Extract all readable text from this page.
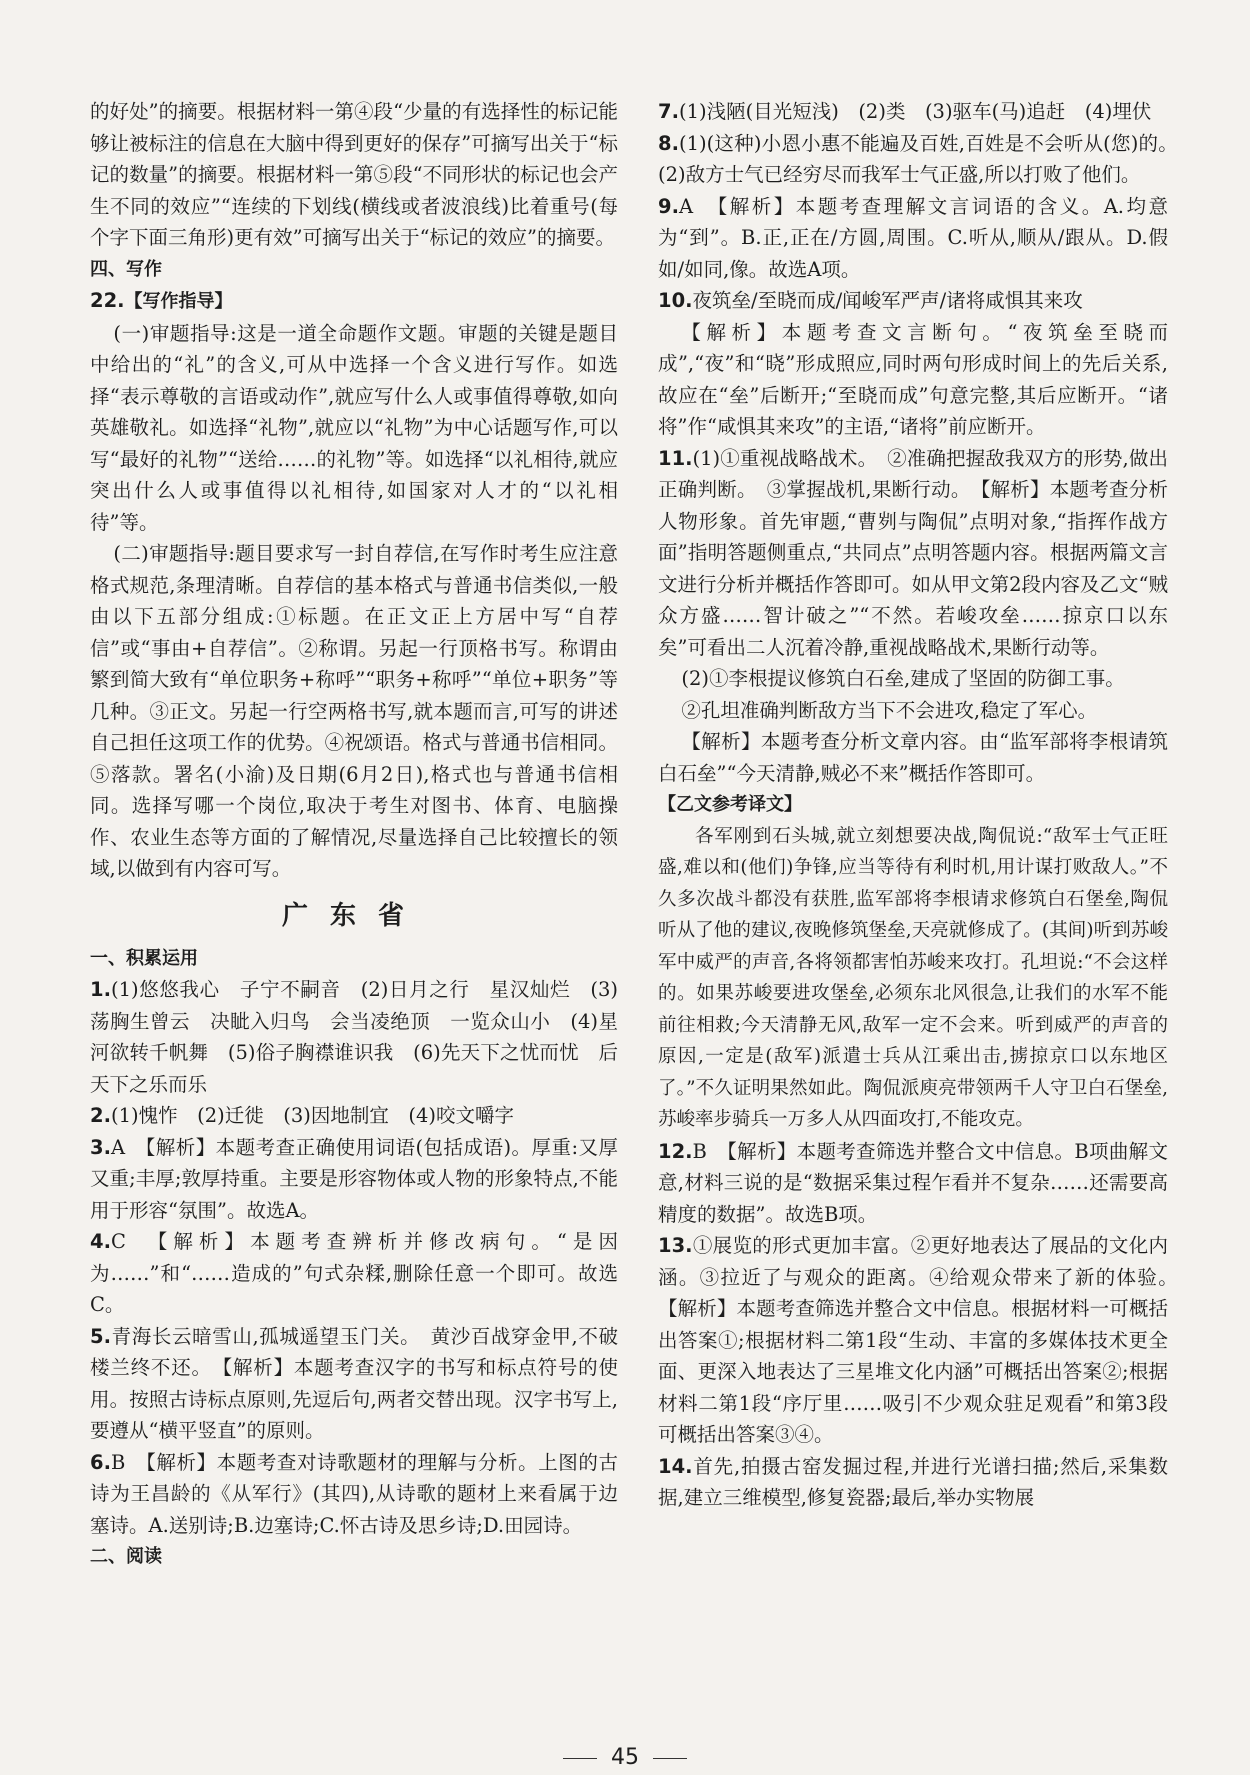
的好处”的摘要。根据材料一第④段“少量的有选择性的标记能够让被标注的信息在大脑中得到更好的保存”可摘写出关于“标记的数量”的摘要。根据材料一第⑤段“不同形状的标记也会产生不同的效应”“连续的下划线(横线或者波浪线)比着重号(每个字下面三角形)更有效”可摘写出关于“标记的效应”的摘要。

四、写作

22.【写作指导】

(一)审题指导:这是一道全命题作文题。审题的关键是题目中给出的“礼”的含义,可从中选择一个含义进行写作。如选择“表示尊敬的言语或动作”,就应写什么人或事值得尊敬,如向英雄敬礼。如选择“礼物”,就应以“礼物”为中心话题写作,可以写“最好的礼物”“送给……的礼物”等。如选择“以礼相待,就应突出什么人或事值得以礼相待,如国家对人才的“以礼相待”等。

(二)审题指导:题目要求写一封自荐信,在写作时考生应注意格式规范,条理清晰。自荐信的基本格式与普通书信类似,一般由以下五部分组成:①标题。在正文正上方居中写“自荐信”或“事由+自荐信”。②称谓。另起一行顶格书写。称谓由繁到简大致有“单位职务+称呼”“职务+称呼”“单位+职务”等几种。③正文。另起一行空两格书写,就本题而言,可写的讲述自己担任这项工作的优势。④祝颂语。格式与普通书信相同。⑤落款。署名(小渝)及日期(6月2日),格式也与普通书信相同。选择写哪一个岗位,取决于考生对图书、体育、电脑操作、农业生态等方面的了解情况,尽量选择自己比较擅长的领域,以做到有内容可写。

广东省

一、积累运用

1.(1)悠悠我心　子宁不嗣音　(2)日月之行　星汉灿烂　(3)荡胸生曾云　决眦入归鸟　会当凌绝顶　一览众山小　(4)星河欲转千帆舞　(5)俗子胸襟谁识我　(6)先天下之忧而忧　后天下之乐而乐

2.(1)愧怍　(2)迁徙　(3)因地制宜　(4)咬文嚼字

3.A　【解析】本题考查正确使用词语(包括成语)。厚重:又厚又重;丰厚;敦厚持重。主要是形容物体或人物的形象特点,不能用于形容“氛围”。故选A。

4.C　【解析】本题考查辨析并修改病句。“是因为……”和“……造成的”句式杂糅,删除任意一个即可。故选C。

5.青海长云暗雪山,孤城遥望玉门关。　黄沙百战穿金甲,不破楼兰终不还。　【解析】本题考查汉字的书写和标点符号的使用。按照古诗标点原则,先逗后句,两者交替出现。汉字书写上,要遵从“横平竖直”的原则。

6.B　【解析】本题考查对诗歌题材的理解与分析。上图的古诗为王昌龄的《从军行》(其四),从诗歌的题材上来看属于边塞诗。A.送别诗;B.边塞诗;C.怀古诗及思乡诗;D.田园诗。

二、阅读

7.(1)浅陋(目光短浅)　(2)类　(3)驱车(马)追赶　(4)埋伏

8.(1)(这种)小恩小惠不能遍及百姓,百姓是不会听从(您)的。　(2)敌方士气已经穷尽而我军士气正盛,所以打败了他们。

9.A　【解析】本题考查理解文言词语的含义。A.均意为“到”。B.正,正在/方圆,周围。C.听从,顺从/跟从。D.假如/如同,像。故选A项。

10.夜筑垒/至晓而成/闻峻军严声/诸将咸惧其来攻

【解析】本题考查文言断句。“夜筑垒至晓而成”,“夜”和“晓”形成照应,同时两句形成时间上的先后关系,故应在“垒”后断开;“至晓而成”句意完整,其后应断开。“诸将”作“咸惧其来攻”的主语,“诸将”前应断开。

11.(1)①重视战略战术。　②准确把握敌我双方的形势,做出正确判断。　③掌握战机,果断行动。　【解析】本题考查分析人物形象。首先审题,“曹刿与陶侃”点明对象,“指挥作战方面”指明答题侧重点,“共同点”点明答题内容。根据两篇文言文进行分析并概括作答即可。如从甲文第2段内容及乙文“贼众方盛……智计破之”“不然。若峻攻垒……掠京口以东矣”可看出二人沉着冷静,重视战略战术,果断行动等。

(2)①李根提议修筑白石垒,建成了坚固的防御工事。

②孔坦准确判断敌方当下不会进攻,稳定了军心。

【解析】本题考查分析文章内容。由“监军部将李根请筑白石垒”“今天清静,贼必不来”概括作答即可。

【乙文参考译文】

各军刚到石头城,就立刻想要决战,陶侃说:“敌军士气正旺盛,难以和(他们)争锋,应当等待有利时机,用计谋打败敌人。”不久多次战斗都没有获胜,监军部将李根请求修筑白石堡垒,陶侃听从了他的建议,夜晚修筑堡垒,天亮就修成了。(其间)听到苏峻军中威严的声音,各将领都害怕苏峻来攻打。孔坦说:“不会这样的。如果苏峻要进攻堡垒,必须东北风很急,让我们的水军不能前往相救;今天清静无风,敌军一定不会来。听到威严的声音的原因,一定是(敌军)派遣士兵从江乘出击,掳掠京口以东地区了。”不久证明果然如此。陶侃派庾亮带领两千人守卫白石堡垒,苏峻率步骑兵一万多人从四面攻打,不能攻克。

12.B　【解析】本题考查筛选并整合文中信息。B项曲解文意,材料三说的是“数据采集过程乍看并不复杂……还需要高精度的数据”。故选B项。

13.①展览的形式更加丰富。②更好地表达了展品的文化内涵。③拉近了与观众的距离。④给观众带来了新的体验。　【解析】本题考查筛选并整合文中信息。根据材料一可概括出答案①;根据材料二第1段“生动、丰富的多媒体技术更全面、更深入地表达了三星堆文化内涵”可概括出答案②;根据材料二第1段“序厅里……吸引不少观众驻足观看”和第3段可概括出答案③④。

14.首先,拍摄古窑发掘过程,并进行光谱扫描;然后,采集数据,建立三维模型,修复瓷器;最后,举办实物展

45
